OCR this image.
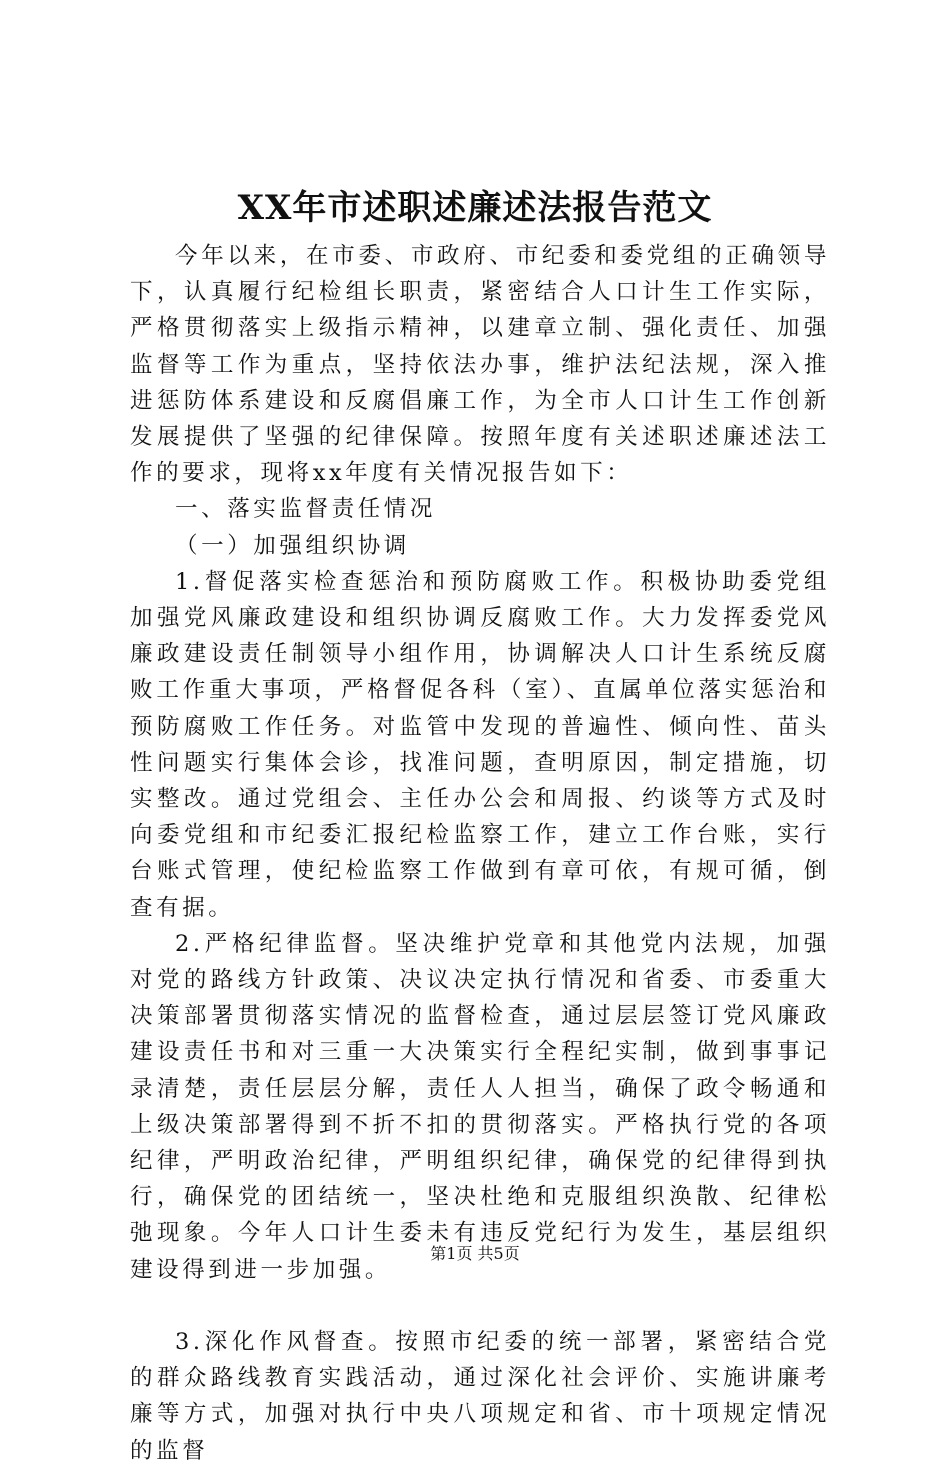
XX年市述职述廉述法报告范文

今年以来，在市委、市政府、市纪委和委党组的正确领导下，认真履行纪检组长职责，紧密结合人口计生工作实际，严格贯彻落实上级指示精神，以建章立制、强化责任、加强监督等工作为重点，坚持依法办事，维护法纪法规，深入推进惩防体系建设和反腐倡廉工作，为全市人口计生工作创新发展提供了坚强的纪律保障。按照年度有关述职述廉述法工作的要求，现将xx年度有关情况报告如下：

一、落实监督责任情况

（一）加强组织协调

1.督促落实检查惩治和预防腐败工作。积极协助委党组加强党风廉政建设和组织协调反腐败工作。大力发挥委党风廉政建设责任制领导小组作用，协调解决人口计生系统反腐败工作重大事项，严格督促各科（室）、直属单位落实惩治和预防腐败工作任务。对监管中发现的普遍性、倾向性、苗头性问题实行集体会诊，找准问题，查明原因，制定措施，切实整改。通过党组会、主任办公会和周报、约谈等方式及时向委党组和市纪委汇报纪检监察工作，建立工作台账，实行台账式管理，使纪检监察工作做到有章可依，有规可循，倒查有据。

2.严格纪律监督。坚决维护党章和其他党内法规，加强对党的路线方针政策、决议决定执行情况和省委、市委重大决策部署贯彻落实情况的监督检查，通过层层签订党风廉政建设责任书和对三重一大决策实行全程纪实制，做到事事记录清楚，责任层层分解，责任人人担当，确保了政令畅通和上级决策部署得到不折不扣的贯彻落实。严格执行党的各项纪律，严明政治纪律，严明组织纪律，确保党的纪律得到执行，确保党的团结统一，坚决杜绝和克服组织涣散、纪律松弛现象。今年人口计生委未有违反党纪行为发生，基层组织建设得到进一步加强。

3.深化作风督查。按照市纪委的统一部署，紧密结合党的群众路线教育实践活动，通过深化社会评价、实施讲廉考廉等方式，加强对执行中央八项规定和省、市十项规定情况的监督

第1页 共5页
